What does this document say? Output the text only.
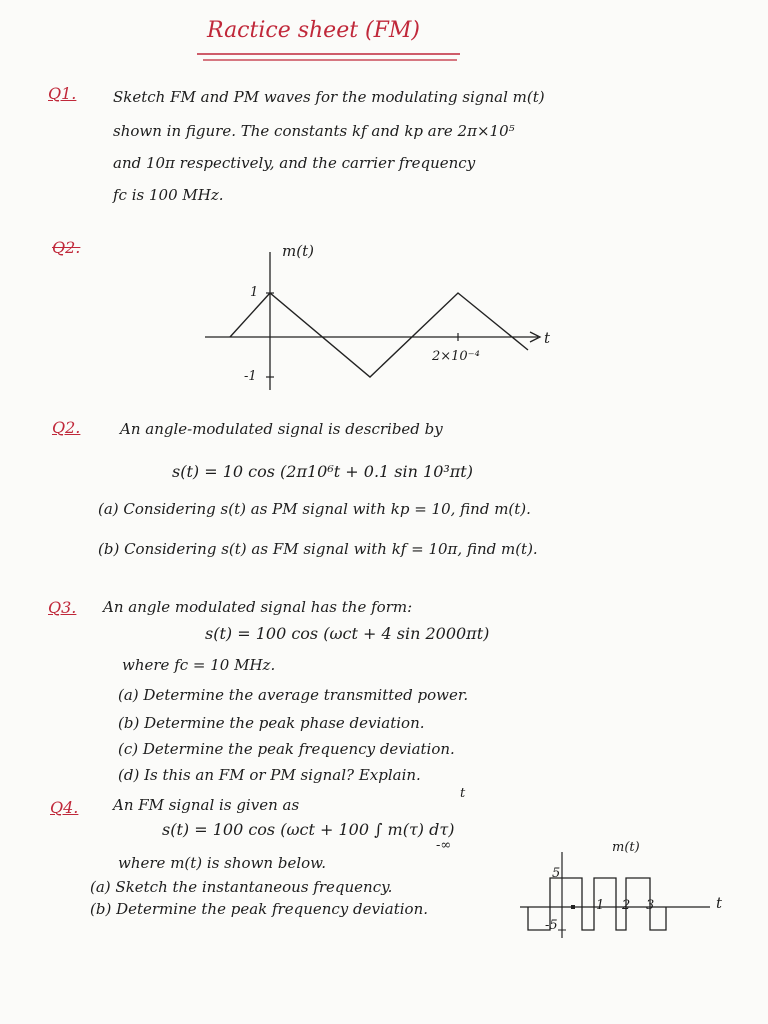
Ractice sheet (FM)
Q1. Sketch FM and PM waves for the modulating signal m(t)
shown in figure. The constants kf and kp are 2π×10⁵
and 10π respectively, and the carrier frequency
fc is 100 MHz.
Q2.	m(t)
1
-1
2×10⁻⁴
t
Q2.	An angle-modulated signal is described by
s(t) = 10 cos (2π10⁶t + 0.1 sin 10³πt)
(a) Considering s(t) as PM signal with kp = 10, find m(t).
(b) Considering s(t) as FM signal with kf = 10π, find m(t).
Q3. An angle modulated signal has the form:
s(t) = 100 cos (ωct + 4 sin 2000πt)
where fc = 10 MHz.
(a) Determine the average transmitted power.
(b) Determine the peak phase deviation.
(c) Determine the peak frequency deviation.
(d) Is this an FM or PM signal? Explain.
Q4. An FM signal is given as
t
-∞
s(t) = 100 cos (ωct + 100 ∫ m(τ) dτ)
where m(t) is shown below.
(a) Sketch the instantaneous frequency.
(b) Determine the peak frequency deviation.
m(t)
5
-5
1 2 3	t
